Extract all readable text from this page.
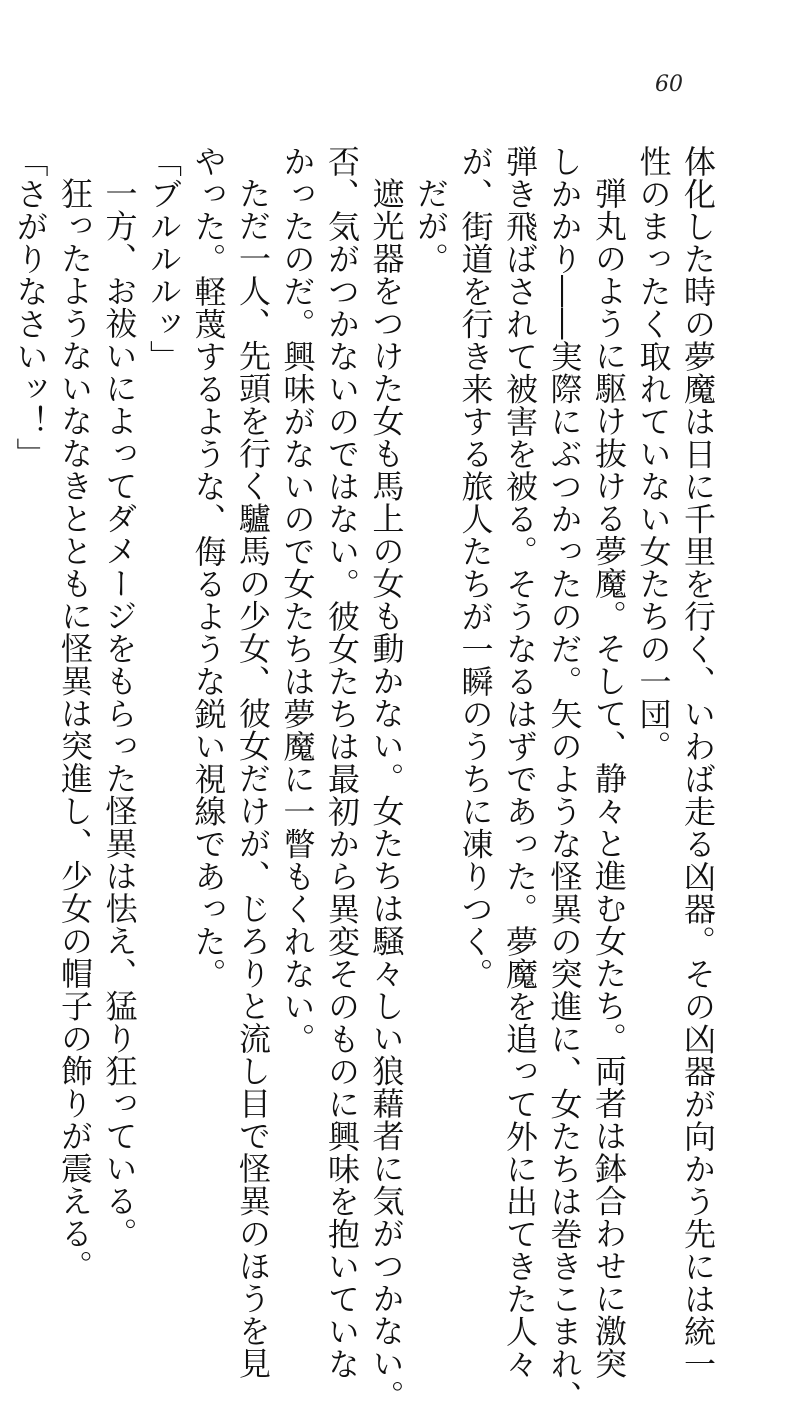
60
体化した時の夢魔は日に千里を行く、いわば走る凶器。その凶器が向かう先には統一
性のまったく取れていない女たちの一団。
弾丸のように駆け抜ける夢魔。そして、静々と進む女たち。両者は鉢合わせに激突
しかかり――実際にぶつかったのだ。矢のような怪異の突進に、女たちは巻きこまれ、
弾き飛ばされて被害を被る。そうなるはずであった。夢魔を追って外に出てきた人々
が、街道を行き来する旅人たちが一瞬のうちに凍りつく。
だが。
遮光器をつけた女も馬上の女も動かない。女たちは騒々しい狼藉者に気がつかない。
否、気がつかないのではない。彼女たちは最初から異変そのものに興味を抱いていな
かったのだ。興味がないので女たちは夢魔に一瞥もくれない。
ただ一人、先頭を行く驢馬の少女、彼女だけが、じろりと流し目で怪異のほうを見
やった。軽蔑するような、侮るような鋭い視線であった。
「ブルルルッ」
一方、お祓いによってダメージをもらった怪異は怯え、猛り狂っている。
狂ったようないななきとともに怪異は突進し、少女の帽子の飾りが震える。
「さがりなさいッ！」
